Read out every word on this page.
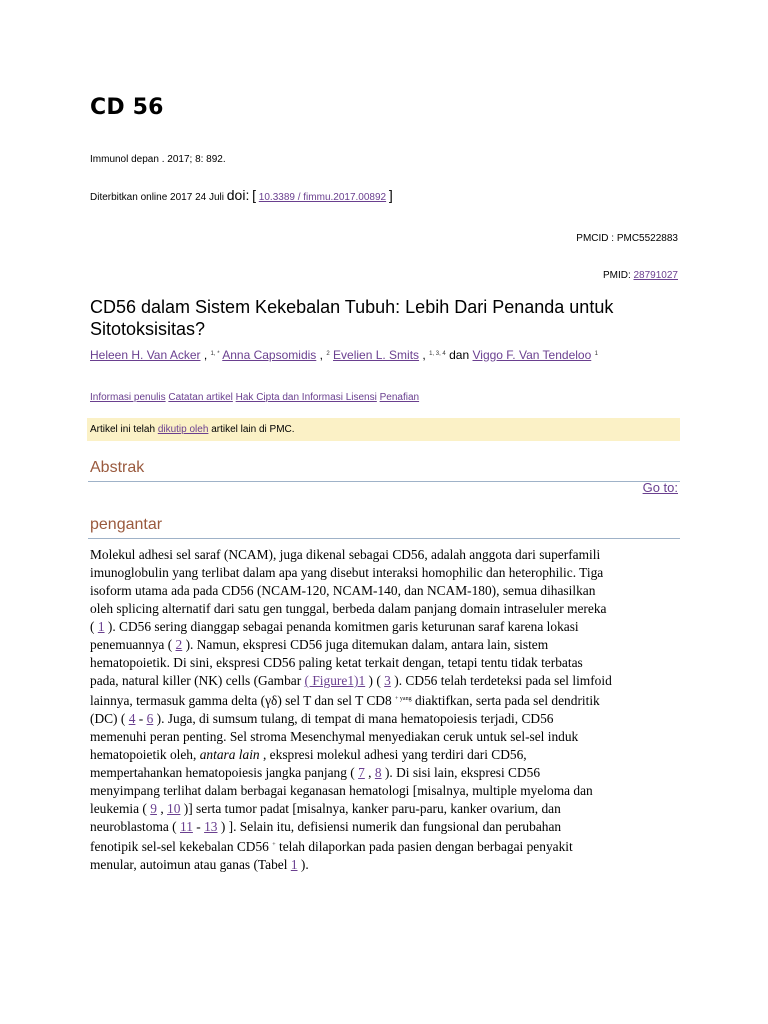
CD 56
Immunol depan . 2017; 8: 892.
Diterbitkan online 2017 24 Juli doi: [ 10.3389 / fimmu.2017.00892 ]
PMCID : PMC5522883
PMID: 28791027
CD56 dalam Sistem Kekebalan Tubuh: Lebih Dari Penanda untuk Sitotoksisitas?
Heleen H. Van Acker , $^{1, *}$ Anna Capsomidis , $^2$ Evelien L. Smits , $^{1, 3, 4}$ dan Viggo F. Van Tendeloo $^1$
Informasi penulis Catatan artikel Hak Cipta dan Informasi Lisensi Penafian
Artikel ini telah dikutip oleh artikel lain di PMC.
Abstrak
Go to:
pengantar
Molekul adhesi sel saraf (NCAM), juga dikenal sebagai CD56, adalah anggota dari superfamili
imunoglobulin yang terlibat dalam apa yang disebut interaksi homophilic dan heterophilic. Tiga
isoform utama ada pada CD56 (NCAM-120, NCAM-140, dan NCAM-180), semua dihasilkan
oleh splicing alternatif dari satu gen tunggal, berbeda dalam panjang domain intraseluler mereka
( 1 ). CD56 sering dianggap sebagai penanda komitmen garis keturunan saraf karena lokasi
penemuannya ( 2 ). Namun, ekspresi CD56 juga ditemukan dalam, antara lain, sistem
hematopoietik. Di sini, ekspresi CD56 paling ketat terkait dengan, tetapi tentu tidak terbatas
pada, natural killer (NK) cells (Gambar ( Figure1)1 ) ( 3 ). CD56 telah terdeteksi pada sel limfoid
lainnya, termasuk gamma delta (γδ) sel T dan sel T CD8 $^{+ yang}$ diaktifkan, serta pada sel dendritik
(DC) ( 4 - 6 ). Juga, di sumsum tulang, di tempat di mana hematopoiesis terjadi, CD56
memenuhi peran penting. Sel stroma Mesenchymal menyediakan ceruk untuk sel-sel induk
hematopoietik oleh, antara lain , ekspresi molekul adhesi yang terdiri dari CD56,
mempertahankan hematopoiesis jangka panjang ( 7 , 8 ). Di sisi lain, ekspresi CD56
menyimpang terlihat dalam berbagai keganasan hematologi [misalnya, multiple myeloma dan
leukemia ( 9 , 10 )] serta tumor padat [misalnya, kanker paru-paru, kanker ovarium, dan
neuroblastoma ( 11 - 13 ) ]. Selain itu, defisiensi numerik dan fungsional dan perubahan
fenotipik sel-sel kekebalan CD56 + telah dilaporkan pada pasien dengan berbagai penyakit
menular, autoimun atau ganas (Tabel 1 ).
